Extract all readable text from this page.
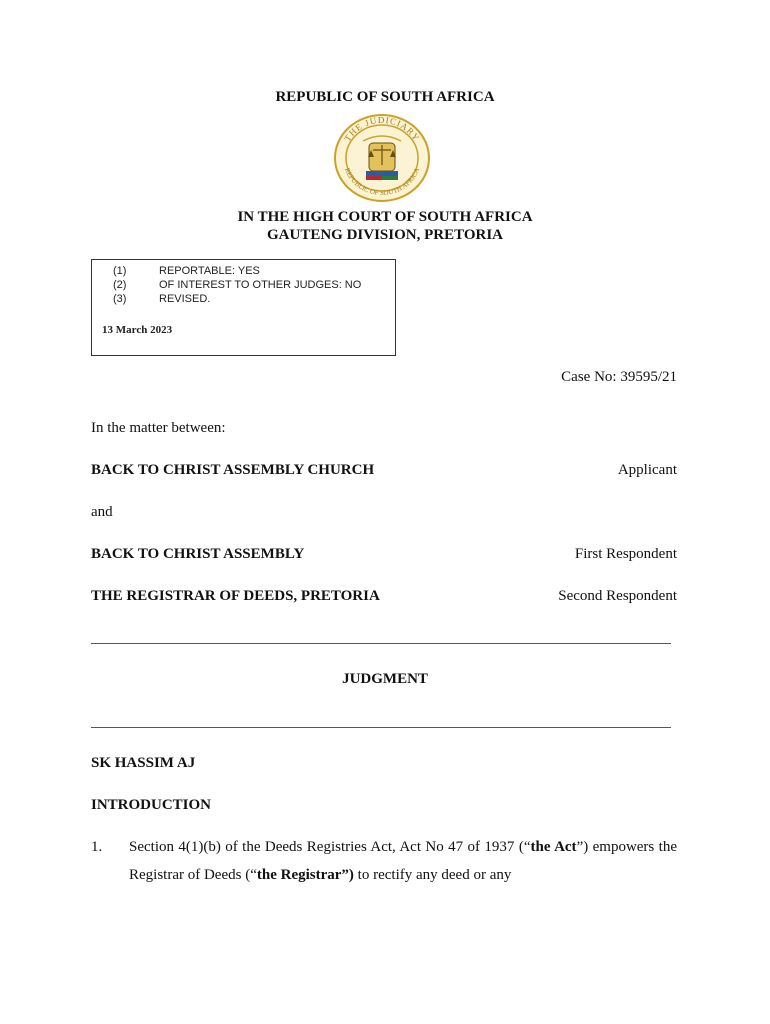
REPUBLIC OF SOUTH AFRICA
THE JUDICIARY
REPUBLIC OF SOUTH AFRICA
IN THE HIGH COURT OF SOUTH AFRICA
GAUTENG DIVISION, PRETORIA
(1)	REPORTABLE: YES
(2)	OF INTEREST TO OTHER JUDGES: NO
(3)	REVISED.
13 March 2023
Case No: 39595/21
In the matter between:
BACK TO CHRIST ASSEMBLY CHURCH	Applicant
and
BACK TO CHRIST ASSEMBLY	First Respondent
THE REGISTRAR OF DEEDS, PRETORIA	Second Respondent
JUDGMENT
SK HASSIM AJ
INTRODUCTION
1. Section 4(1)(b) of the Deeds Registries Act, Act No 47 of 1937 (“the Act”) empowers the Registrar of Deeds (“the Registrar”) to rectify any deed or any
